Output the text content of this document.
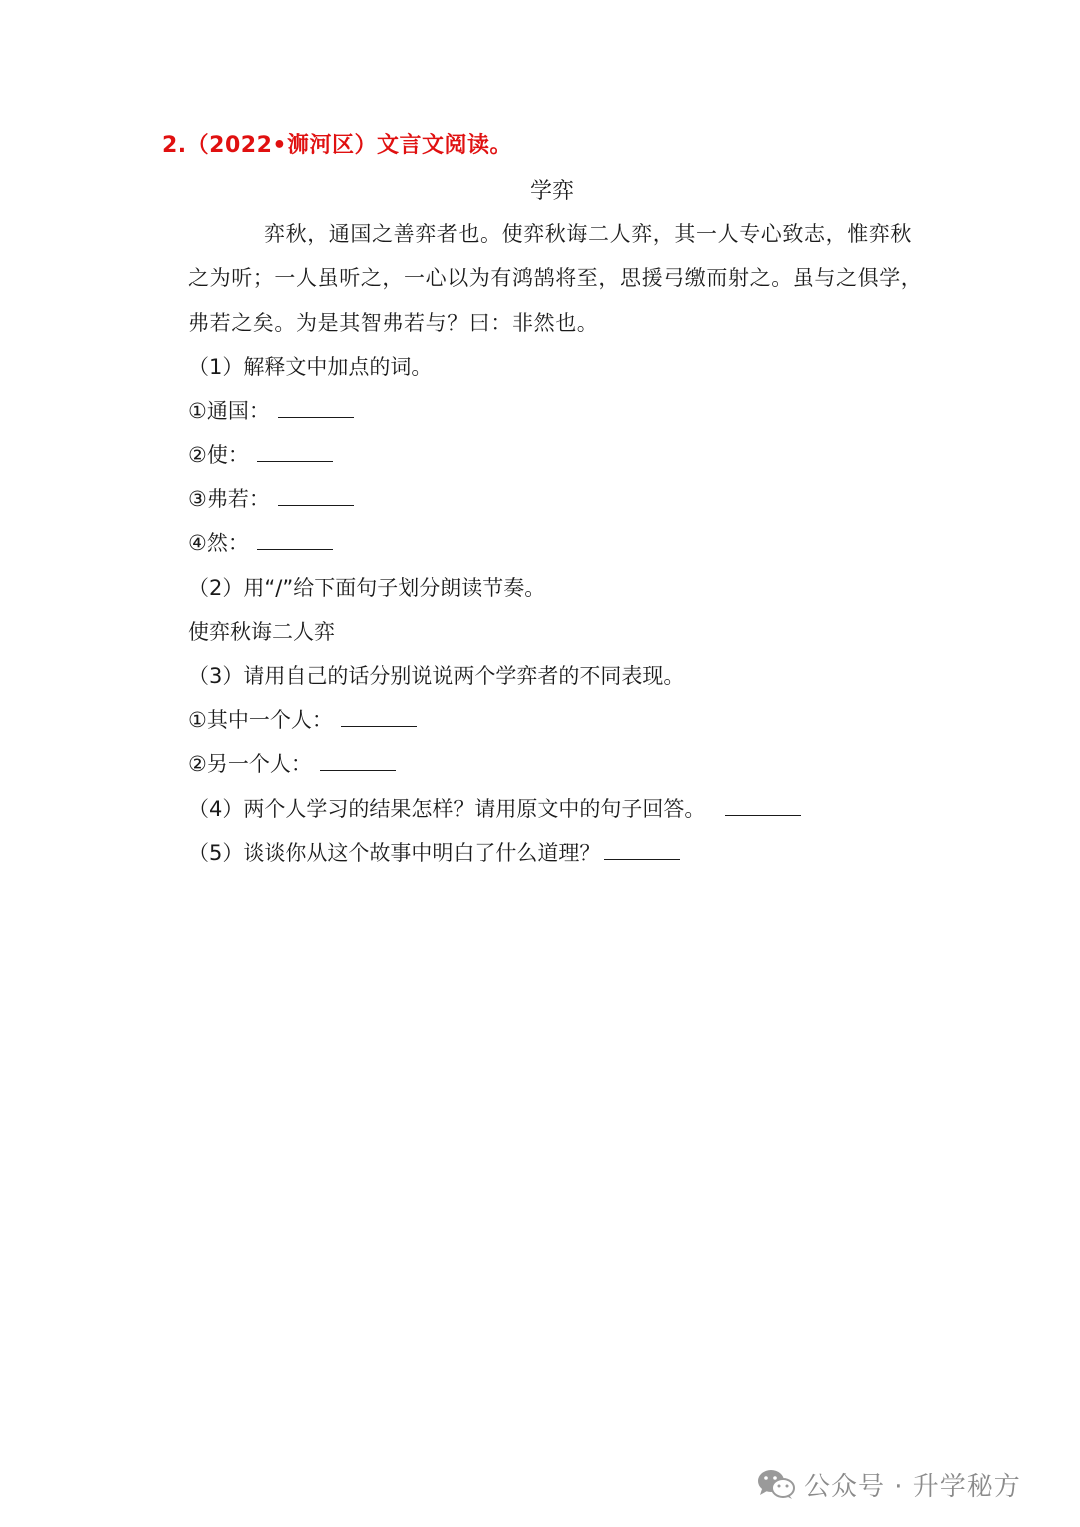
2.（2022•浉河区）文言文阅读。
学弈
弈秋，通国之善弈者也。使弈秋诲二人弈，其一人专心致志，惟弈秋
之为听；一人虽听之，一心以为有鸿鹄将至，思援弓缴而射之。虽与之俱学，
弗若之矣。为是其智弗若与？曰：非然也。
（1）解释文中加点的词。
①通国：
②使：
③弗若：
④然：
（2）用“/”给下面句子划分朗读节奏。
使弈秋诲二人弈
（3）请用自己的话分别说说两个学弈者的不同表现。
①其中一个人：
②另一个人：
（4）两个人学习的结果怎样？请用原文中的句子回答。
（5）谈谈你从这个故事中明白了什么道理？
公众号 · 升学秘方
